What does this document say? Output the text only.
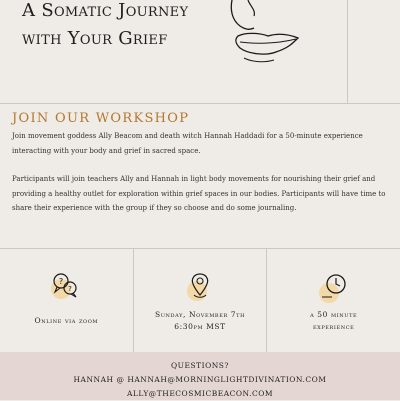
A Somatic Journey
with Your Grief
JOIN OUR WORKSHOP

Join movement goddess Ally Beacom and death witch Hannah Haddadi for a 50-minute experience interacting with your body and grief in sacred space.

Participants will join teachers Ally and Hannah in light body movements for nourishing their grief and providing a healthy outlet for exploration within grief spaces in our bodies. Participants will have time to share their experience with the group if they so choose and do some journaling.

?
?
Online via zoom
Sunday, November 7th
6:30pm MST
a 50 minute
experience
QUESTIONS?
HANNAH @ HANNAH@MORNINGLIGHTDIVINATION.COM
ALLY@THECOSMICBEACON.COM
